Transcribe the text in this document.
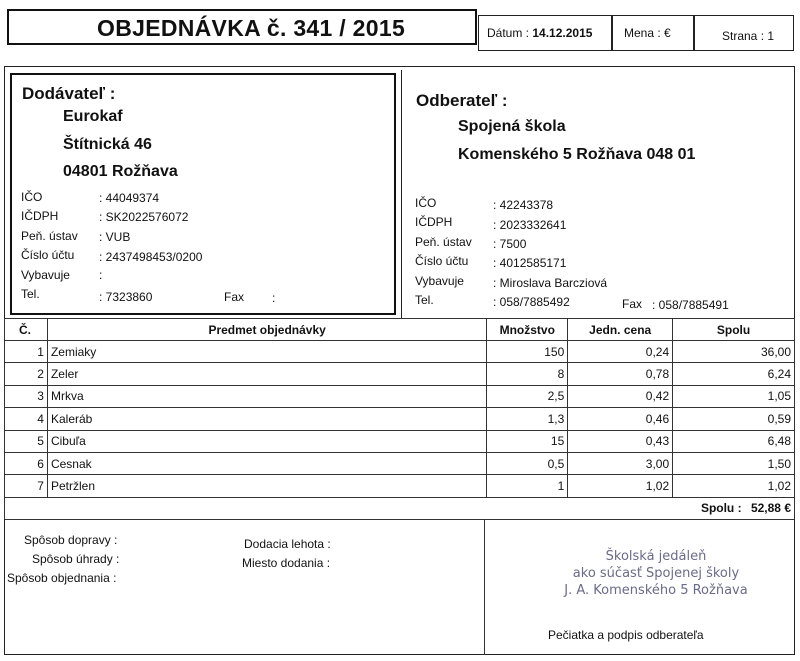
OBJEDNÁVKA č. 341 / 2015	Dátum : 14.12.2015	Mena : €	Strana : 1
Dodávateľ :
Eurokaf
Štítnická 46
04801 Rožňava
IČO	: 44049374
IČDPH	: SK2022576072
Peň. ústav : VUB
Číslo účtu : 2437498453/0200
Vybavuje :
Tel.	: 7323860	Fax :
Odberateľ :
Spojená škola
Komenského 5 Rožňava 048 01
IČO	: 42243378
IČDPH	: 2023332641
Peň. ústav : 7500
Číslo účtu : 4012585171
Vybavuje : Miroslava Barcziová
Tel.	: 058/7885492	Fax : 058/7885491
Č.	Predmet objednávky	Množstvo	Jedn. cena	Spolu
1	Zemiaky	150	0,24	36,00
2	Zeler	8	0,78	6,24
3	Mrkva	2,5	0,42	1,05
4	Kaleráb	1,3	0,46	0,59
5	Cibuľa	15	0,43	6,48
6	Cesnak	0,5	3,00	1,50
7	Petržlen	1	1,02	1,02
			Spolu : 52,88 €	
Spôsob dopravy :
Spôsob úhrady :
Spôsob objednania :
Dodacia lehota :
Miesto dodania :	Školská jedáleň
ako súčasť Spojenej školy
J. A. Komenského 5 Rožňava
Pečiatka a podpis odberateľa
